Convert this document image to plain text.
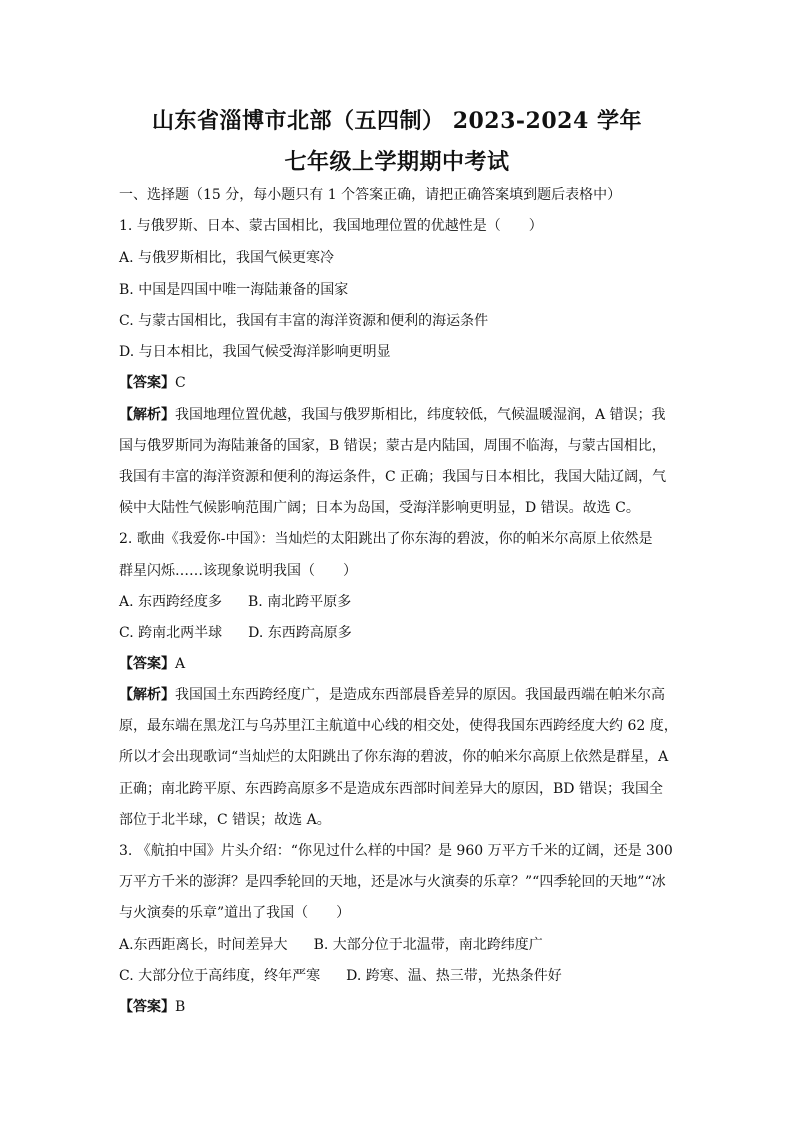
山东省淄博市北部（五四制） 2023-2024 学年
七年级上学期期中考试
一、选择题（15 分，每小题只有 1 个答案正确，请把正确答案填到题后表格中）
1. 与俄罗斯、日本、蒙古国相比，我国地理位置的优越性是（　　）
A. 与俄罗斯相比，我国气候更寒冷
B. 中国是四国中唯一海陆兼备的国家
C. 与蒙古国相比，我国有丰富的海洋资源和便利的海运条件
D. 与日本相比，我国气候受海洋影响更明显
【答案】C
【解析】我国地理位置优越，我国与俄罗斯相比，纬度较低，气候温暖湿润，A 错误；我
国与俄罗斯同为海陆兼备的国家，B 错误；蒙古是内陆国，周围不临海，与蒙古国相比，
我国有丰富的海洋资源和便利的海运条件，C 正确；我国与日本相比，我国大陆辽阔，气
候中大陆性气候影响范围广阔；日本为岛国，受海洋影响更明显，D 错误。故选 C。
2. 歌曲《我爱你-中国》：当灿烂的太阳跳出了你东海的碧波，你的帕米尔高原上依然是
群星闪烁……该现象说明我国（　　）
A. 东西跨经度多 B. 南北跨平原多
C. 跨南北两半球 D. 东西跨高原多
【答案】A
【解析】我国国土东西跨经度广，是造成东西部晨昏差异的原因。我国最西端在帕米尔高
原，最东端在黑龙江与乌苏里江主航道中心线的相交处，使得我国东西跨经度大约 62 度，
所以才会出现歌词“当灿烂的太阳跳出了你东海的碧波，你的帕米尔高原上依然是群星，A
正确；南北跨平原、东西跨高原多不是造成东西部时间差异大的原因，BD 错误；我国全
部位于北半球，C 错误；故选 A。
3. 《航拍中国》片头介绍：“你见过什么样的中国？是 960 万平方千米的辽阔，还是 300
万平方千米的澎湃？是四季轮回的天地，还是冰与火演奏的乐章？”“四季轮回的天地”“冰
与火演奏的乐章”道出了我国（　　）
A.东西距离长，时间差异大 B. 大部分位于北温带，南北跨纬度广
C. 大部分位于高纬度，终年严寒 D. 跨寒、温、热三带，光热条件好
【答案】B
